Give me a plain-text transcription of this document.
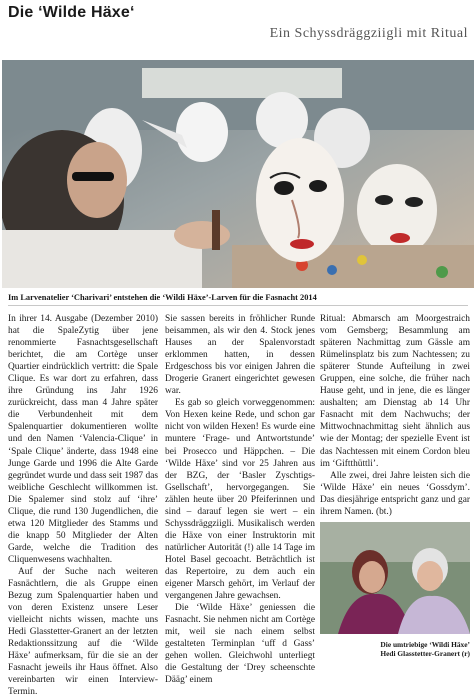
Die ‘Wilde Häxe‘
Ein Schyssdräggziigli mit Ritual
Im Larvenatelier ‘Charivari’ entstehen die ‘Wildi Häxe’-Larven für die Fasnacht 2014

In ihrer 14. Ausgabe (Dezember 2010) hat die SpaleZytig über jene renommierte Fasnachtsgesellschaft berichtet, die am Cortège unser Quartier eindrücklich vertritt: die Spale Clique. Es war dort zu erfahren, dass ihre Gründung ins Jahr 1926 zurückreicht, dass man 4 Jahre später die Verbundenheit mit dem Spalenquartier dokumentieren wollte und den Namen ‘Valencia-Clique’ in ‘Spale Clique’ änderte, dass 1948 eine Junge Garde und 1996 die Alte Garde gegründet wurde und dass seit 1987 das weibliche Geschlecht willkommen ist. Die Spalemer sind stolz auf ‘ihre’ Clique, die rund 130 Jugendlichen, die etwa 120 Mitglieder des Stamms und die knapp 50 Mitglieder der Alten Garde, welche die Tradition des Cliquenwesens wachhalten.

Auf der Suche nach weiteren Fasnächtlern, die als Gruppe einen Bezug zum Spalenquartier haben und von deren Existenz unsere Leser vielleicht nichts wissen, machte uns Hedi Glasstetter-Granert an der letzten Redaktionssitzung auf die ‘Wilde Häxe’ aufmerksam, für die sie an der Fasnacht jeweils ihr Haus öffnet. Also vereinbarten wir einen Interview-Termin.

Sie sassen bereits in fröhlicher Runde beisammen, als wir den 4. Stock jenes Hauses an der Spalenvorstadt erklommen hatten, in dessen Erdgeschoss bis vor einigen Jahren die Drogerie Granert eingerichtet gewesen war.

Es gab so gleich vorweggenommen: Von Hexen keine Rede, und schon gar nicht von wilden Hexen! Es wurde eine muntere ‘Frage- und Antwortstunde’ bei Prosecco und Häppchen. – Die ‘Wilde Häxe’ sind vor 25 Jahren aus der BZG, der ‘Basler Zyschtigs-Gsellschaft’, hervorgegangen. Sie zählen heute über 20 Pfeiferinnen und sind – darauf legen sie wert – ein Schyssdräggziigli. Musikalisch werden die Häxe von einer Instruktorin mit natürlicher Autorität (!) alle 14 Tage im Hotel Basel gecoacht. Beträchtlich ist das Repertoire, zu dem auch ein eigener Marsch gehört, im Verlauf der vergangenen Jahre gewachsen.

Die ‘Wilde Häxe’ geniessen die Fasnacht. Sie nehmen nicht am Cortège mit, weil sie nach einem selbst gestalteten Terminplan ‘uff d Gass’ gehen wollen. Gleichwohl unterliegt die Gestaltung der ‘Drey scheenschte Dääg’ einem

Ritual: Abmarsch am Moorgestraich vom Gemsberg; Besammlung am späteren Nachmittag zum Gässle am Rümelinsplatz bis zum Nachtessen; zu späterer Stunde Aufteilung in zwei Gruppen, eine solche, die früher nach Hause geht, und in jene, die es länger aushalten; am Dienstag ab 14 Uhr Fasnacht mit dem Nachwuchs; der Mittwochnachmittag sieht ähnlich aus wie der Montag; der spezielle Event ist das Nachtessen mit einem Cordon bleu im ‘Giftthüttli’.

Alle zwei, drei Jahre leisten sich die ‘Wilde Häxe’ ein neues ‘Gossdym’. Das diesjährige entspricht ganz und gar ihrem Namen. (bt.)

Die umtriebige ‘Wildi Häxe’
Hedi Glasstetter-Granert (r)
